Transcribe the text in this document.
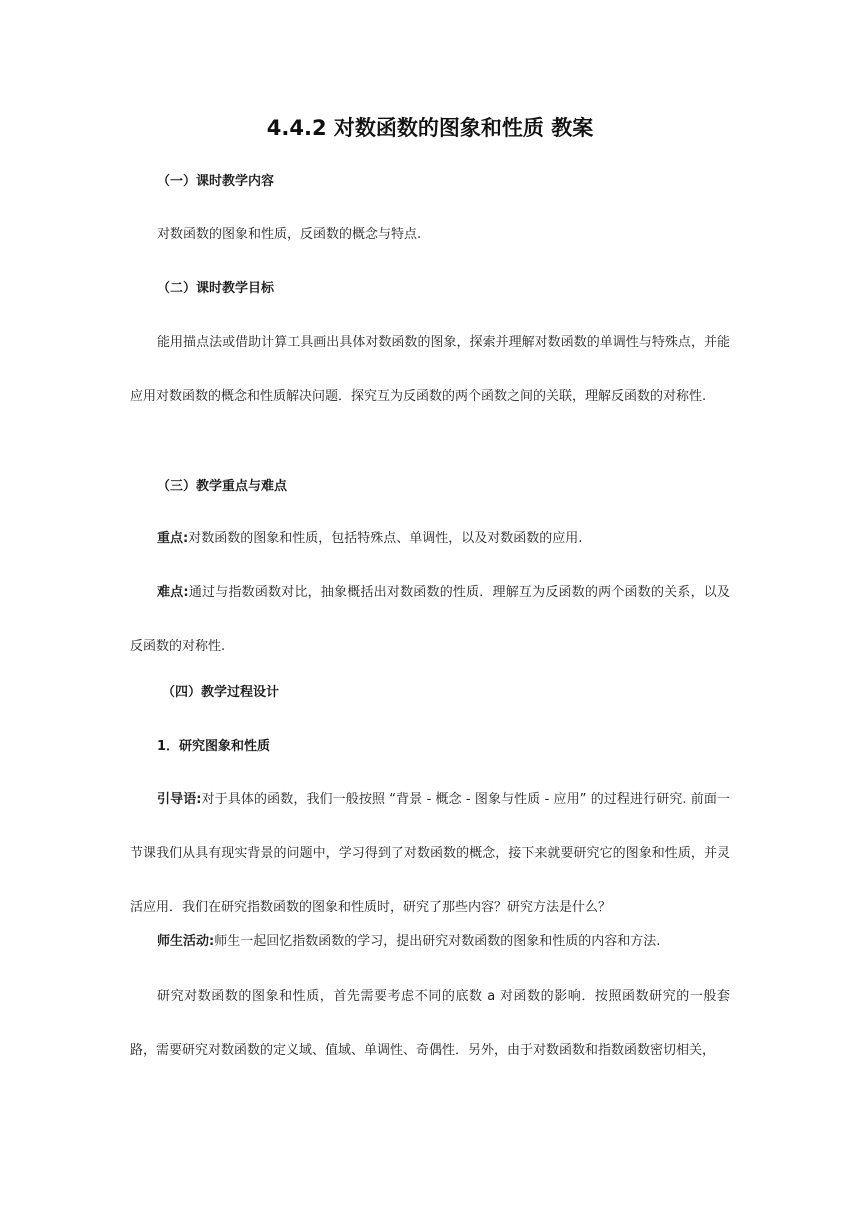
4.4.2 对数函数的图象和性质 教案
（一）课时教学内容

对数函数的图象和性质，反函数的概念与特点.

（二）课时教学目标

能用描点法或借助计算工具画出具体对数函数的图象，探索并理解对数函数的单调性与特殊点，并能应用对数函数的概念和性质解决问题．探究互为反函数的两个函数之间的关联，理解反函数的对称性.

（三）教学重点与难点

重点:对数函数的图象和性质，包括特殊点、单调性，以及对数函数的应用.

难点:通过与指数函数对比，抽象概括出对数函数的性质．理解互为反函数的两个函数的关系，以及反函数的对称性.

（四）教学过程设计
1．研究图象和性质

引导语:对于具体的函数，我们一般按照 “背景 - 概念 - 图象与性质 - 应用” 的过程进行研究. 前面一节课我们从具有现实背景的问题中，学习得到了对数函数的概念，接下来就要研究它的图象和性质，并灵活应用．我们在研究指数函数的图象和性质时，研究了那些内容？研究方法是什么？

师生活动:师生一起回忆指数函数的学习，提出研究对数函数的图象和性质的内容和方法.

研究对数函数的图象和性质，首先需要考虑不同的底数 a 对函数的影响．按照函数研究的一般套路，需要研究对数函数的定义域、值域、单调性、奇偶性．另外，由于对数函数和指数函数密切相关，
